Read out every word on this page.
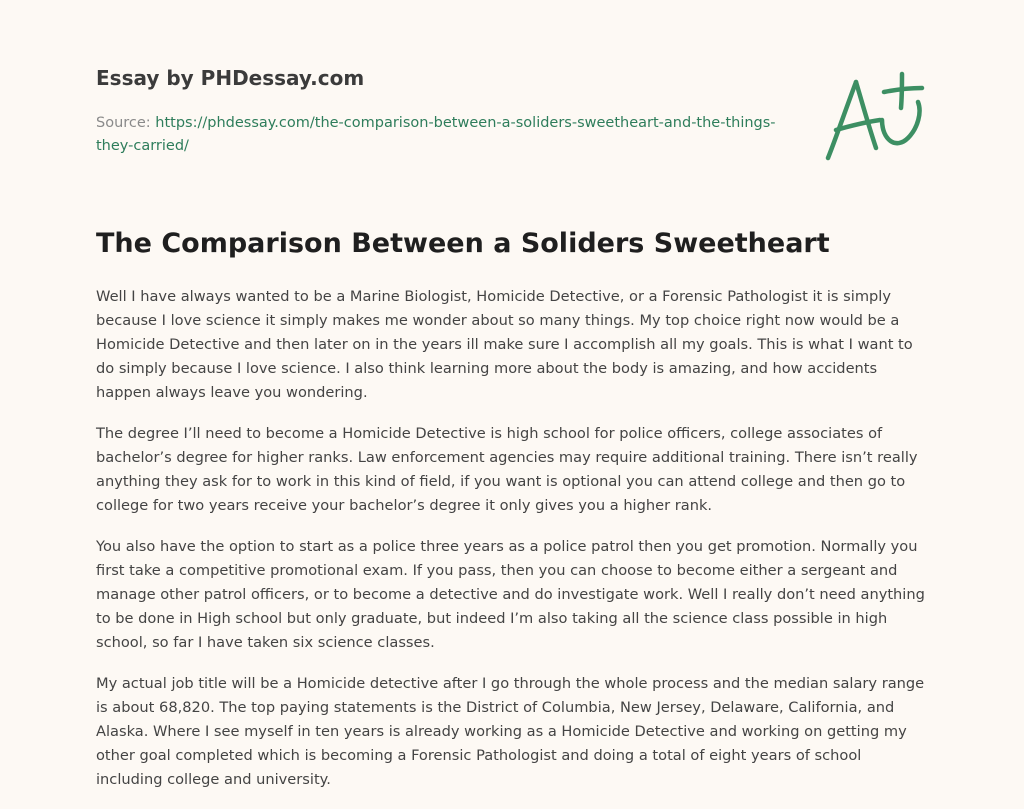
Essay by PHDessay.com
Source: https://phdessay.com/the-comparison-between-a-soliders-sweetheart-and-the-things-they-carried/
The Comparison Between a Soliders Sweetheart

Well I have always wanted to be a Marine Biologist, Homicide Detective, or a Forensic Pathologist it is simply because I love science it simply makes me wonder about so many things. My top choice right now would be a Homicide Detective and then later on in the years ill make sure I accomplish all my goals. This is what I want to do simply because I love science. I also think learning more about the body is amazing, and how accidents happen always leave you wondering.

The degree I’ll need to become a Homicide Detective is high school for police officers, college associates of bachelor’s degree for higher ranks. Law enforcement agencies may require additional training. There isn’t really anything they ask for to work in this kind of field, if you want is optional you can attend college and then go to college for two years receive your bachelor’s degree it only gives you a higher rank.

You also have the option to start as a police three years as a police patrol then you get promotion. Normally you first take a competitive promotional exam. If you pass, then you can choose to become either a sergeant and manage other patrol officers, or to become a detective and do investigate work. Well I really don’t need anything to be done in High school but only graduate, but indeed I’m also taking all the science class possible in high school, so far I have taken six science classes.

My actual job title will be a Homicide detective after I go through the whole process and the median salary range is about 68,820. The top paying statements is the District of Columbia, New Jersey, Delaware, California, and Alaska. Where I see myself in ten years is already working as a Homicide Detective and working on getting my other goal completed which is becoming a Forensic Pathologist and doing a total of eight years of school including college and university.
